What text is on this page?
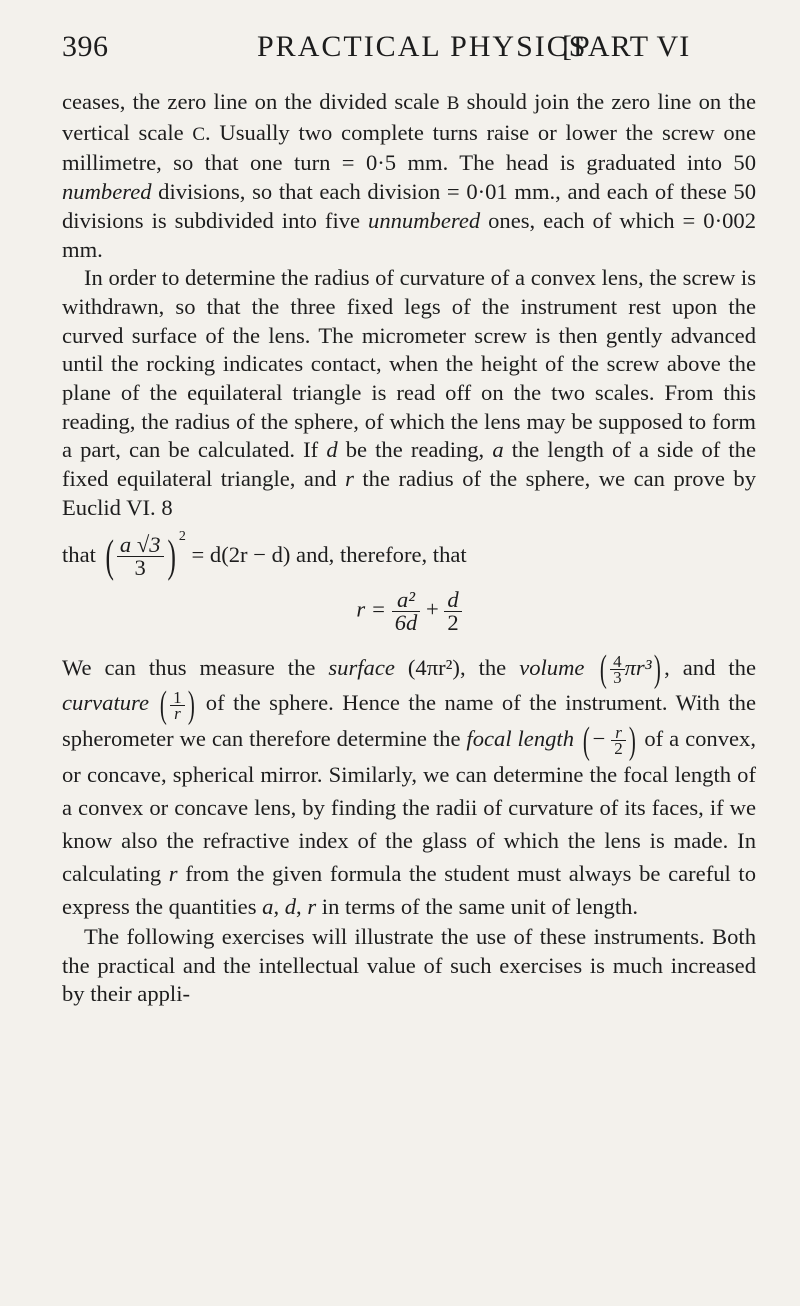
396	PRACTICAL PHYSICS
[PART VI

ceases, the zero line on the divided scale B should join the zero line on the vertical scale C. Usually two complete turns raise or lower the screw one millimetre, so that one turn = 0·5 mm. The head is graduated into 50 numbered divisions, so that each division = 0·01 mm., and each of these 50 divisions is subdivided into five unnumbered ones, each of which = 0·002 mm.

In order to determine the radius of curvature of a convex lens, the screw is withdrawn, so that the three fixed legs of the instrument rest upon the curved surface of the lens. The micrometer screw is then gently advanced until the rocking indicates contact, when the height of the screw above the plane of the equilateral triangle is read off on the two scales. From this reading, the radius of the sphere, of which the lens may be supposed to form a part, can be calculated. If d be the reading, a the length of a side of the fixed equilateral triangle, and r the radius of the sphere, we can prove by Euclid VI. 8

that ( $\frac{a √3}{3}$ ) $^2$ = d(2r − d) and, therefore, that
$r = \frac{\text{a²}}{6d} + \frac{d}{2}$

We can thus measure the surface (4πr²), the volume ( $\frac{4}{3} \pi r^3$) , and the curvature ( $\frac{1}{r}$ ) of the sphere. Hence the name of the instrument. With the spherometer we can therefore determine the focal length ( − $\frac{r}{2}$ ) of a convex, or concave, spherical mirror. Similarly, we can determine the focal length of a convex or concave lens, by finding the radii of curvature of its faces, if we know also the refractive index of the glass of which the lens is made. In calculating r from the given formula the student must always be careful to express the quantities a, d, r in terms of the same unit of length.

The following exercises will illustrate the use of these instruments. Both the practical and the intellectual value of such exercises is much increased by their appli-
